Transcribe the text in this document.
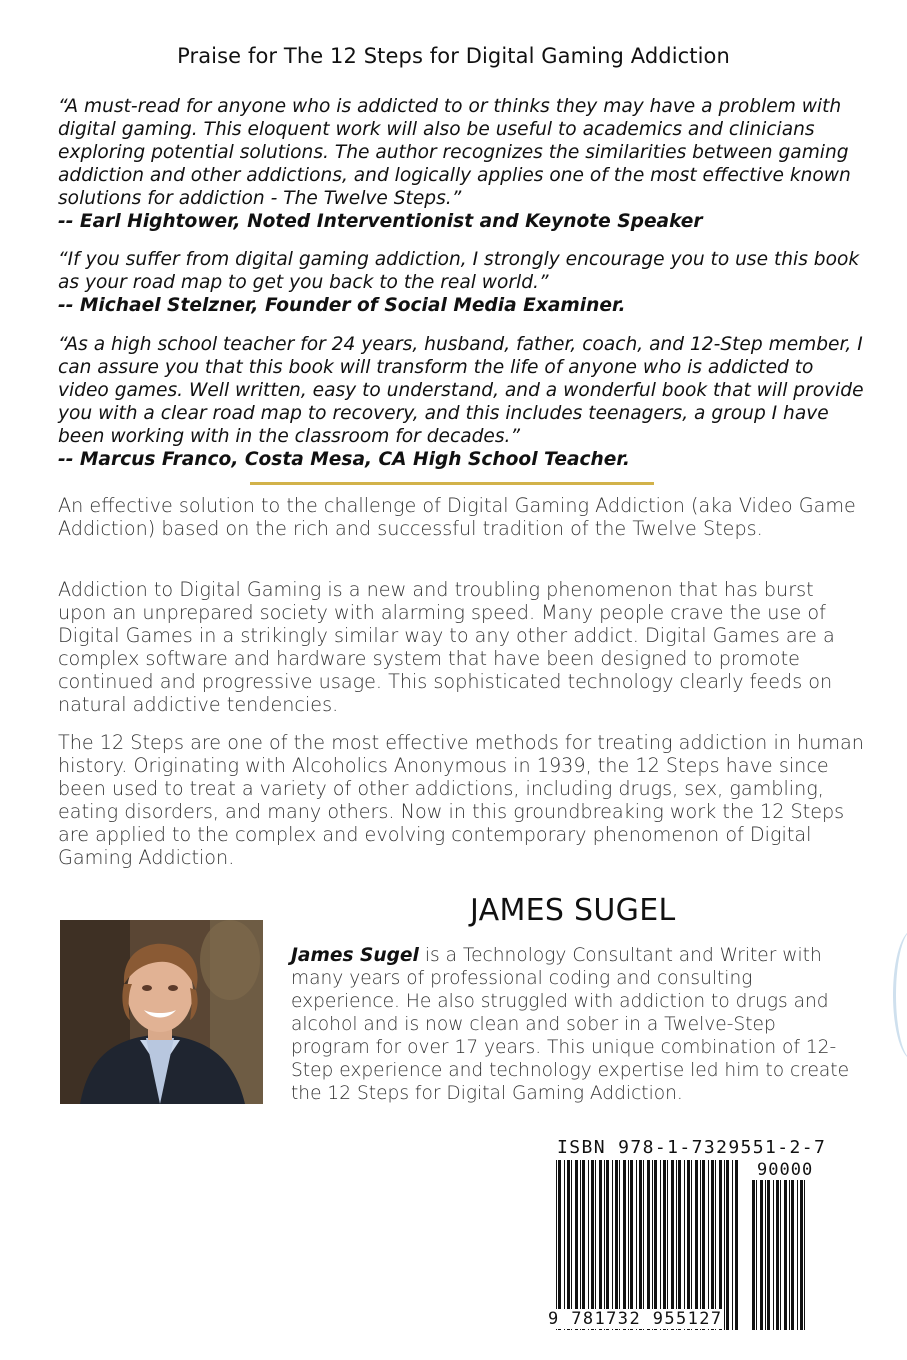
Praise for The 12 Steps for Digital Gaming Addiction

“A must-read for anyone who is addicted to or thinks they may have a problem with digital gaming. This eloquent work will also be useful to academics and clinicians exploring potential solutions. The author recognizes the similarities between gaming addiction and other addictions, and logically applies one of the most effective known solutions for addiction - The Twelve Steps.”

-- Earl Hightower, Noted Interventionist and Keynote Speaker

“If you suffer from digital gaming addiction, I strongly encourage you to use this book as your road map to get you back to the real world.”

-- Michael Stelzner, Founder of Social Media Examiner.

“As a high school teacher for 24 years, husband, father, coach, and 12-Step member, I can assure you that this book will transform the life of anyone who is addicted to video games. Well written, easy to understand, and a wonderful book that will provide you with a clear road map to recovery, and this includes teenagers, a group I have been working with in the classroom for decades.”

-- Marcus Franco, Costa Mesa, CA High School Teacher.

An effective solution to the challenge of Digital Gaming Addiction (aka Video Game Addiction) based on the rich and successful tradition of the Twelve Steps.

Addiction to Digital Gaming is a new and troubling phenomenon that has burst upon an unprepared society with alarming speed. Many people crave the use of Digital Games in a strikingly similar way to any other addict. Digital Games are a complex software and hardware system that have been designed to promote continued and progressive usage. This sophisticated technology clearly feeds on natural addictive tendencies.

The 12 Steps are one of the most effective methods for treating addiction in human history. Originating with Alcoholics Anonymous in 1939, the 12 Steps have since been used to treat a variety of other addictions, including drugs, sex, gambling, eating disorders, and many others. Now in this groundbreaking work the 12 Steps are applied to the complex and evolving contemporary phenomenon of Digital Gaming Addiction.

JAMES SUGEL

James Sugel is a Technology Consultant and Writer with many years of professional coding and consulting experience. He also struggled with addiction to drugs and alcohol and is now clean and sober in a Twelve-Step program for over 17 years. This unique combination of 12-Step experience and technology expertise led him to create the 12 Steps for Digital Gaming Addiction.

ISBN 978-1-7329551-2-7
90000
9 781732 955127
